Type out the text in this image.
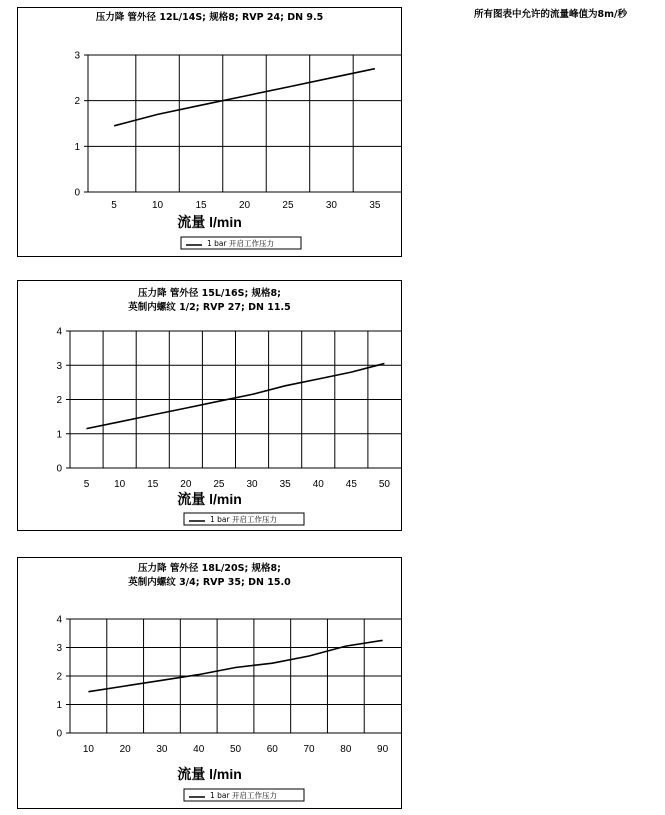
所有图表中允许的流量峰值为8m/秒
压力降 管外径 12L/14S; 规格8; RVP 24; DN 9.5
0
1
2
3
5	10	15	20	25	30	35
流量 l/min
1 bar 开启工作压力
压力降 管外径 15L/16S; 规格8;
英制内螺纹 1/2; RVP 27; DN 11.5
0
1
2
3
4
5 10 15 20 25 30 35 40 45 50
流量 l/min
1 bar 开启工作压力
压力降 管外径 18L/20S; 规格8;
英制内螺纹 3/4; RVP 35; DN 15.0
0
1
2
3
4
10	20	30	40	50	60	70	80	90
流量 l/min
1 bar 开启工作压力
